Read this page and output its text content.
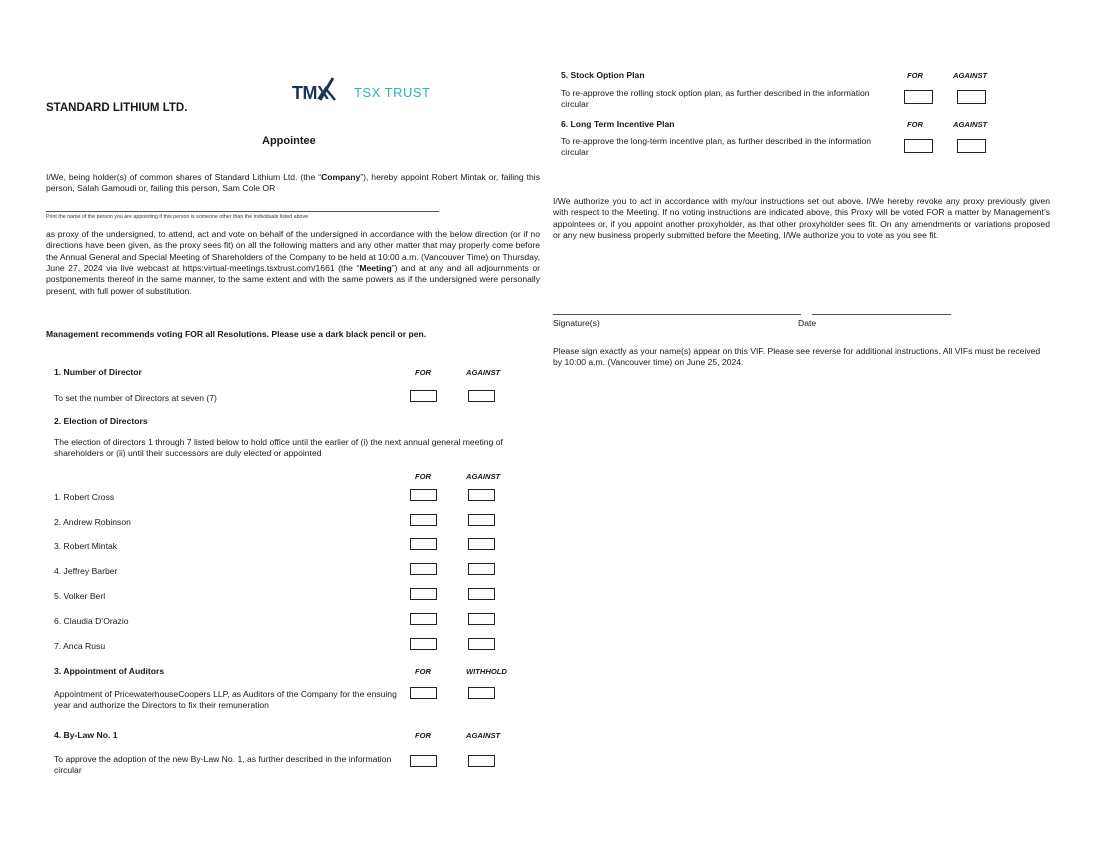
STANDARD LITHIUM LTD.
TMX TSX TRUST
Appointee
I/We, being holder(s) of common shares of Standard Lithium Ltd. (the “Company”), hereby appoint Robert Mintak or, failing this person, Salah Gamoudi or, failing this person, Sam Cole OR
Print the name of the person you are appointing if this person is someone other than the individuals listed above
as proxy of the undersigned, to attend, act and vote on behalf of the undersigned in accordance with the below direction (or if no directions have been given, as the proxy sees fit) on all the following matters and any other matter that may properly come before the Annual General and Special Meeting of Shareholders of the Company to be held at 10:00 a.m. (Vancouver Time) on Thursday, June 27, 2024 via live webcast at https:virtual-meetings.tsxtrust.com/1661 (the “Meeting”) and at any and all adjournments or postponements thereof in the same manner, to the same extent and with the same powers as if the undersigned were personally present, with full power of substitution.
Management recommends voting FOR all Resolutions. Please use a dark black pencil or pen.
1. Number of Director	FOR	AGAINST
To set the number of Directors at seven (7)
2. Election of Directors
The election of directors 1 through 7 listed below to hold office until the earlier of (i) the next annual general meeting of shareholders or (ii) until their successors are duly elected or appointed
FOR	AGAINST
1. Robert Cross
2. Andrew Robinson
3. Robert Mintak
4. Jeffrey Barber
5. Volker Berl
6. Claudia D’Orazio
7. Anca Rusu
3. Appointment of Auditors	FOR	WITHHOLD
Appointment of PricewaterhouseCoopers LLP, as Auditors of the Company for the ensuing year and authorize the Directors to fix their remuneration
4. By-Law No. 1	FOR	AGAINST
To approve the adoption of the new By-Law No. 1, as further described in the information circular
5. Stock Option Plan	FOR	AGAINST
To re-approve the rolling stock option plan, as further described in the information circular
6. Long Term Incentive Plan	FOR	AGAINST
To re-approve the long-term incentive plan, as further described in the information circular
I/We authorize you to act in accordance with my/our instructions set out above. I/We hereby revoke any proxy previously given with respect to the Meeting. If no voting instructions are indicated above, this Proxy will be voted FOR a matter by Management’s appointees or, if you appoint another proxyholder, as that other proxyholder sees fit. On any amendments or variations proposed or any new business properly submitted before the Meeting, I/We authorize you to vote as you see fit.
Signature(s)	Date
Please sign exactly as your name(s) appear on this VIF. Please see reverse for additional instructions. All VIFs must be received by 10:00 a.m. (Vancouver time) on June 25, 2024.
